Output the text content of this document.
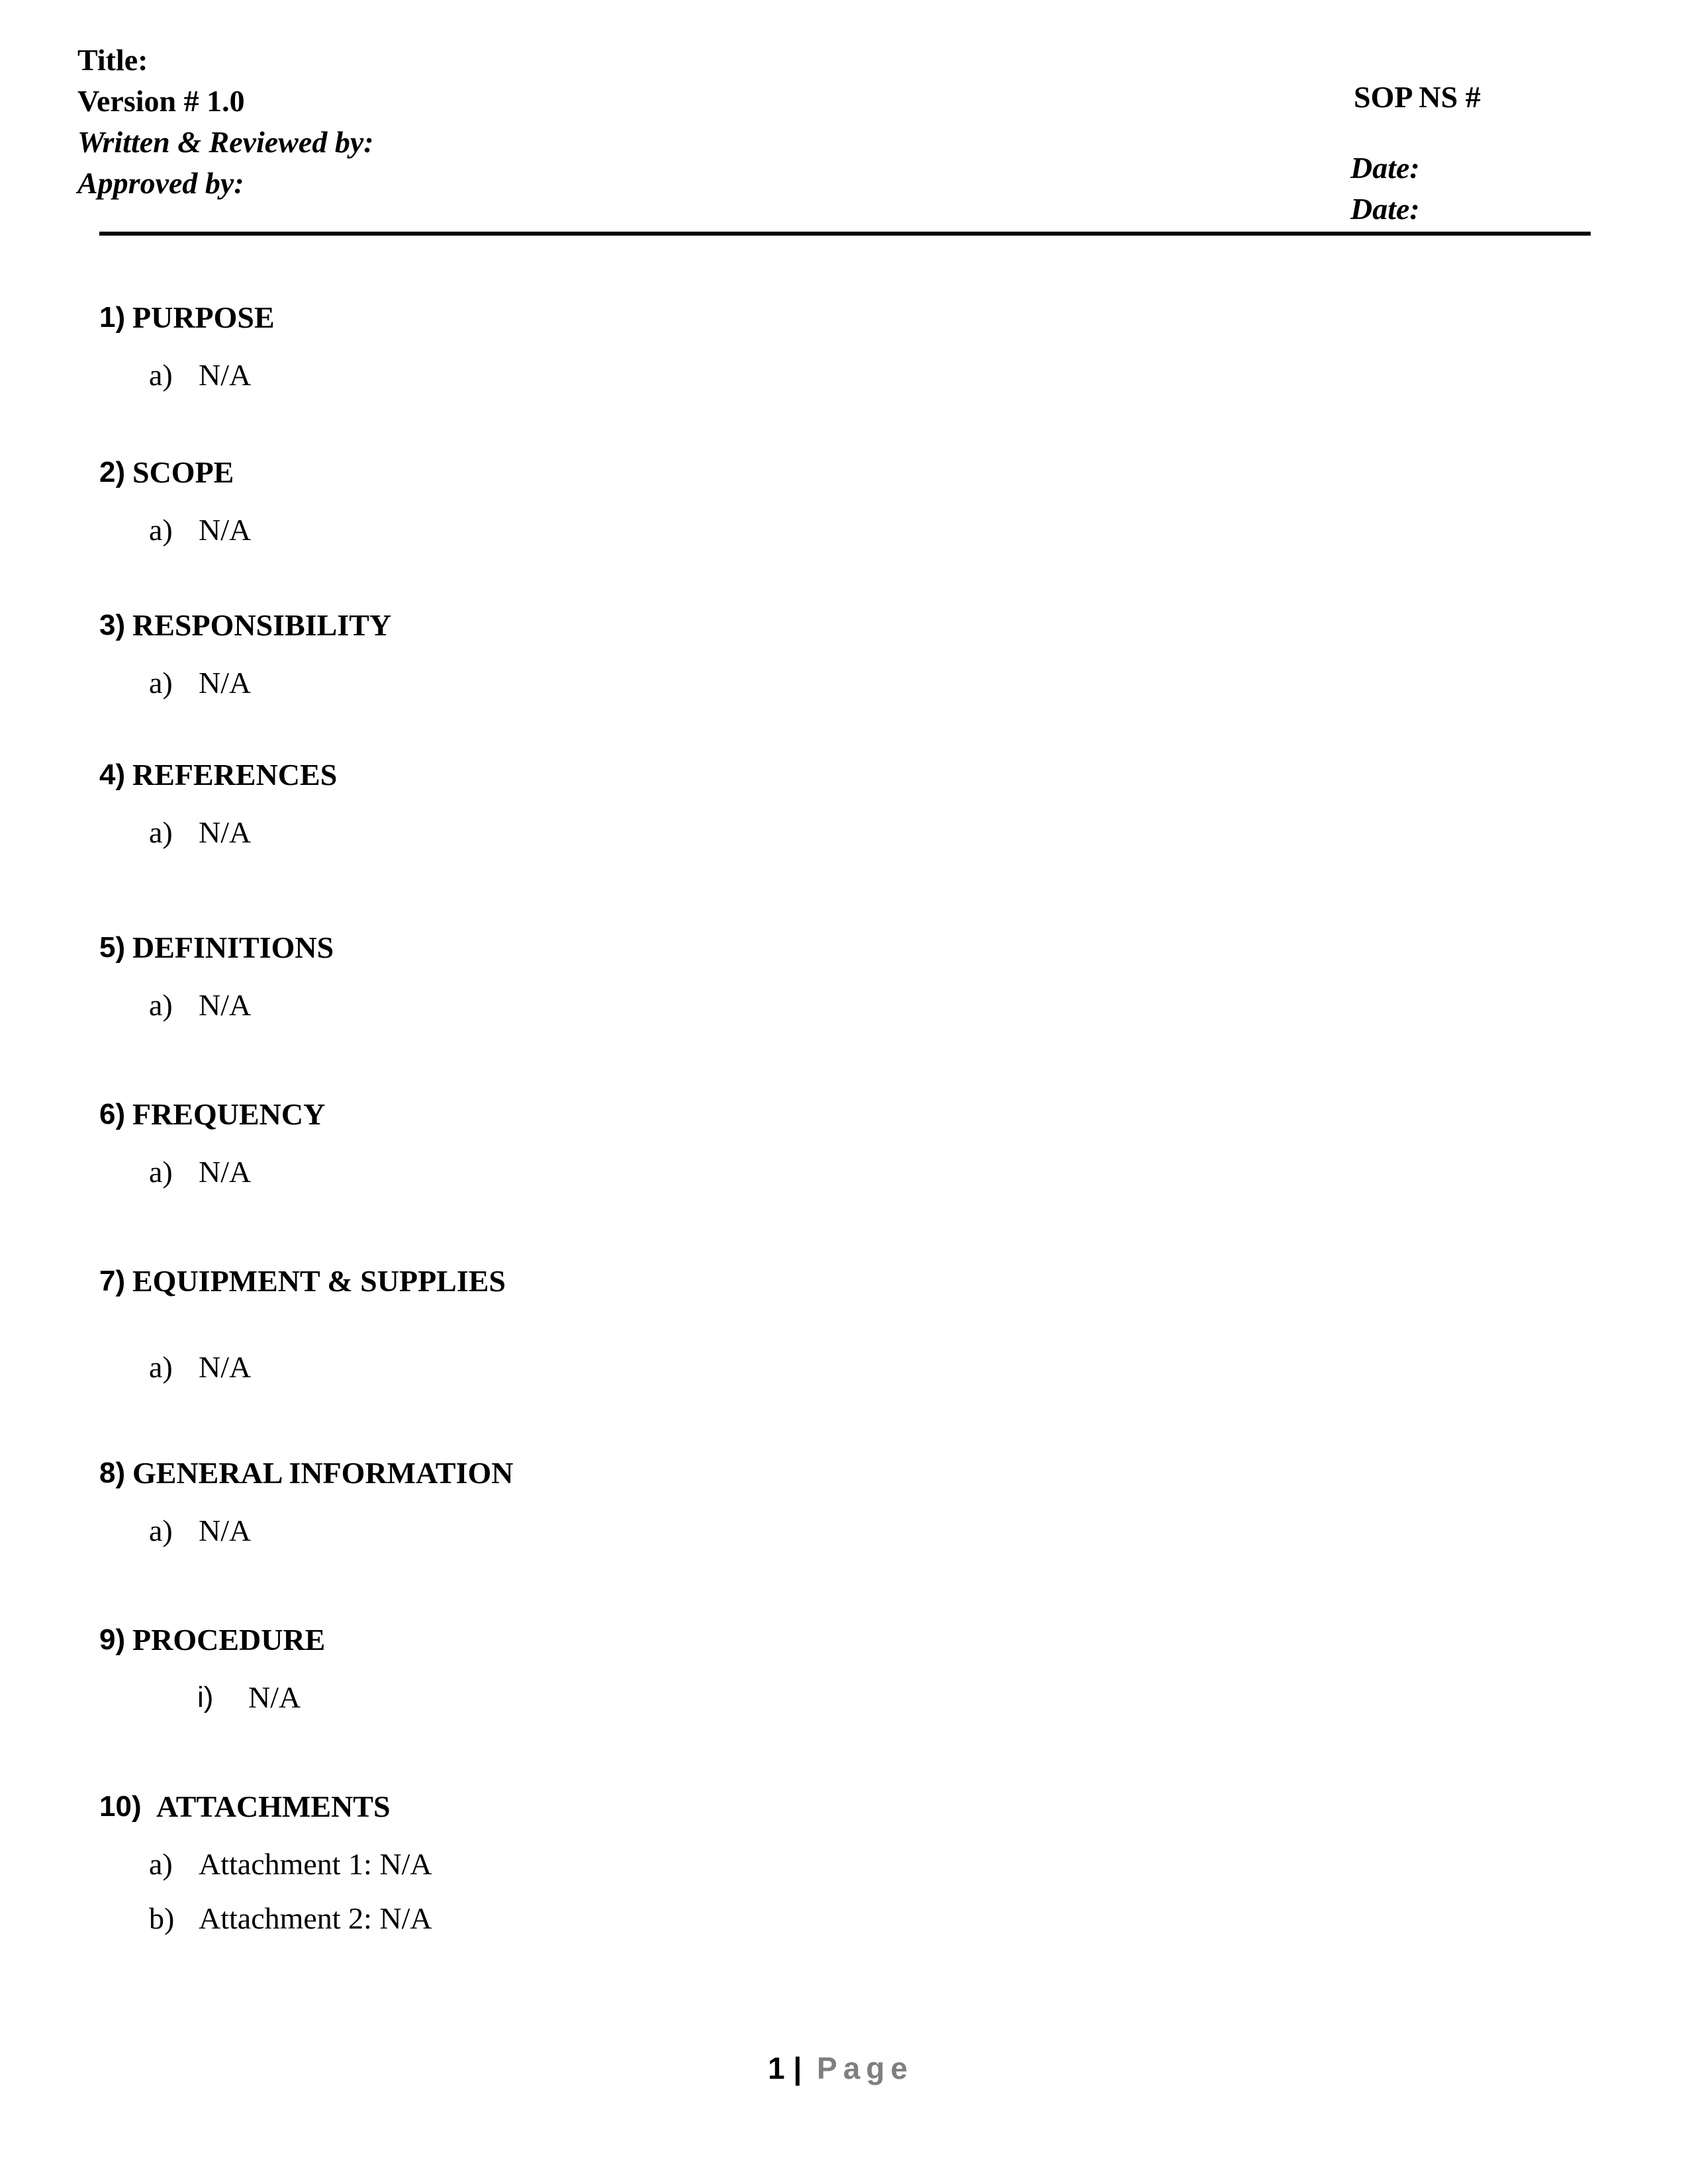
Title:
Version # 1.0
Written & Reviewed by:
Approved by:
SOP NS #
Date:
Date:
1) PURPOSE
a) N/A
2) SCOPE
a) N/A
3) RESPONSIBILITY
a) N/A
4) REFERENCES
a) N/A
5) DEFINITIONS
a) N/A
6) FREQUENCY
a) N/A
7) EQUIPMENT & SUPPLIES
a) N/A
8) GENERAL INFORMATION
a) N/A
9) PROCEDURE
i) N/A
10) ATTACHMENTS
a) Attachment 1: N/A
b) Attachment 2: N/A
1 | Page
